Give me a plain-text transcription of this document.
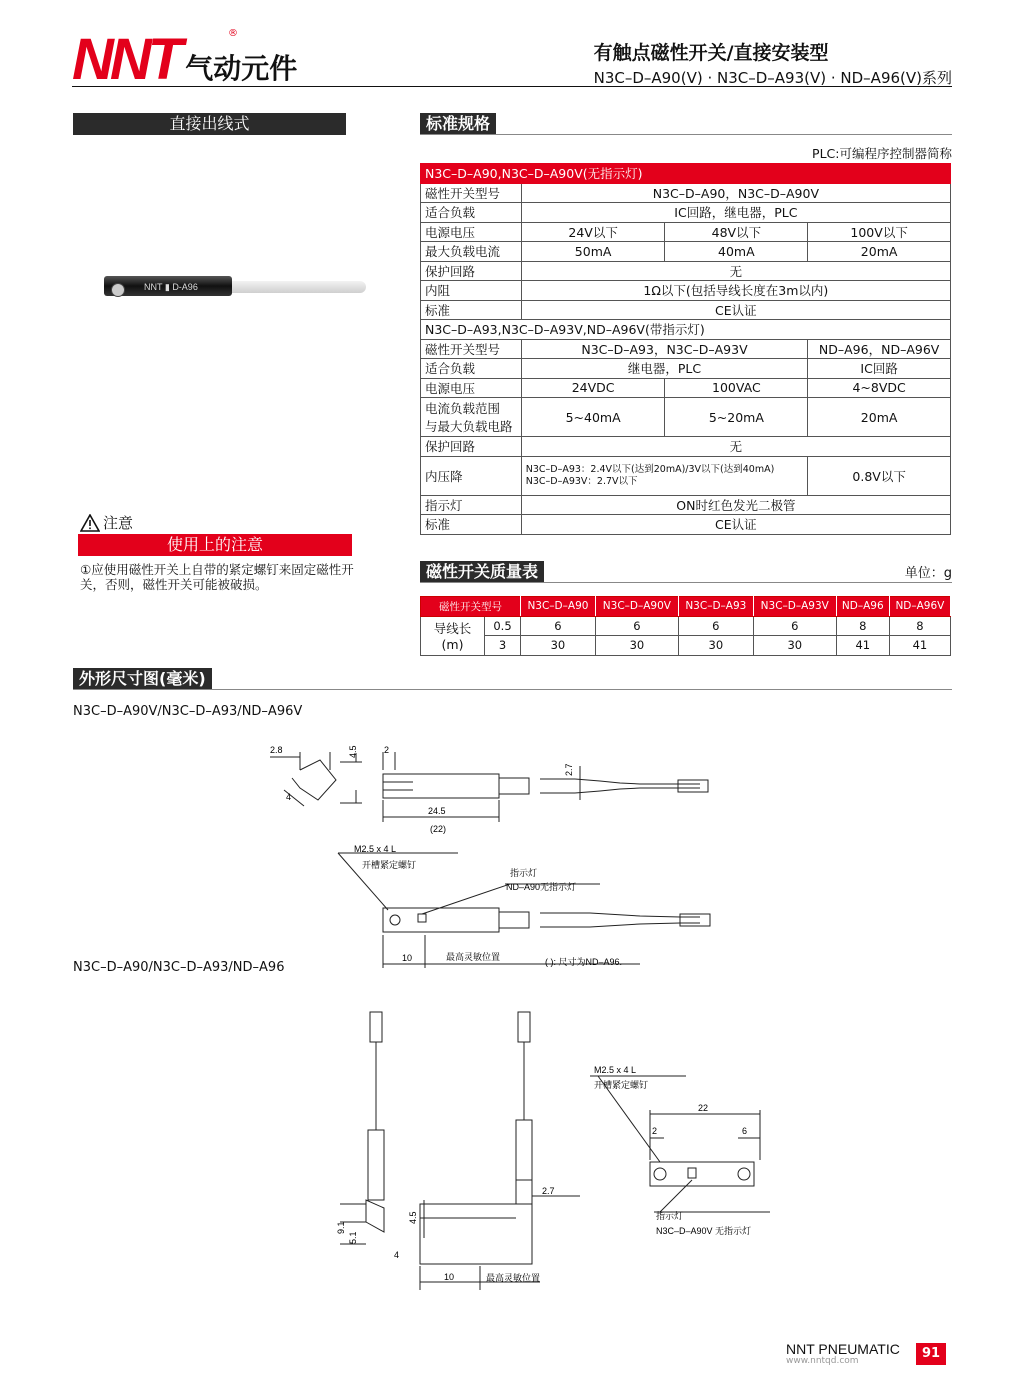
NNT	®
气动元件	有触点磁性开关/直接安装型
N3C–D–A90(V) · N3C–D–A93(V) · ND–A96(V)系列
直接出线式
NNT ▮ D-A96
注意
使用上的注意
①应使用磁性开关上自带的紧定螺钉来固定磁性开关，否则，磁性开关可能被破损。
标准规格
PLC:可编程序控制器简称
N3C–D–A90,N3C–D–A90V(无指示灯)			
磁性开关型号	N3C–D–A90，N3C–D–A90V		
适合负载	IC回路，继电器，PLC		
电源电压	24V以下	48V以下	100V以下
最大负载电流	50mA	40mA	20mA
保护回路	无		
内阻	1Ω以下(包括导线长度在3m以内)		
标准	CE认证		
N3C–D–A93,N3C–D–A93V,ND–A96V(带指示灯)			
磁性开关型号	N3C–D–A93，N3C–D–A93V		ND–A96，ND–A96V
适合负载	继电器，PLC		IC回路
电源电压	24VDC	100VAC	4~8VDC

电流负载范围
与最大负载电路	5~40mA	5~20mA	20mA
保护回路	无		
内压降	N3C–D–A93：2.4V以下(达到20mA)/3V以下(达到40mA)
N3C–D–A93V：2.7V以下		0.8V以下
指示灯	ON时红色发光二极管		
标准	CE认证		
磁性开关质量表	单位：g
磁性开关型号		N3C–D–A90	N3C–D–A90V	N3C–D–A93	N3C–D–A93V	ND–A96	ND–A96V

导线长
(m)	0.5	6	6	6	6	8	8
	3	30	30	30	30	41	41
外形尺寸图(毫米)
N3C–D–A90V/N3C–D–A93/ND–A96V
N3C–D–A90/N3C–D–A93/ND–A96
2.8	4.5	2
2.7
4
24.5
(22)
M2.5 x 4 L
开槽紧定螺钉
指示灯
ND–A90无指示灯
10	最高灵敏位置	( ): 尺寸为ND–A96.
9.1
5.1
4
4.5
2.7
10	最高灵敏位置
M2.5 x 4 L
开槽紧定螺钉
22
2	6
指示灯
N3C–D–A90V 无指示灯
NNT PNEUMATIC
www.nntqd.com	91
